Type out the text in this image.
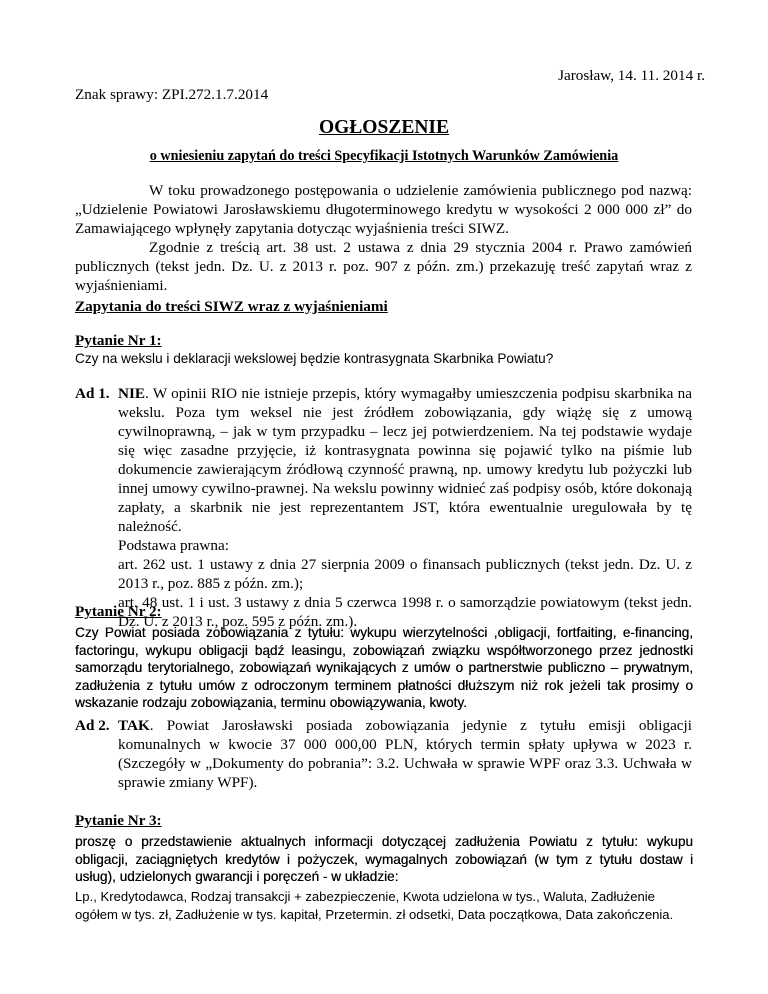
Jarosław, 14. 11. 2014 r.
Znak sprawy: ZPI.272.1.7.2014
OGŁOSZENIE
o wniesieniu zapytań do treści Specyfikacji Istotnych Warunków Zamówienia
W toku prowadzonego postępowania o udzielenie zamówienia publicznego pod nazwą: „Udzielenie Powiatowi Jarosławskiemu długoterminowego kredytu w wysokości 2 000 000 zł” do Zamawiającego wpłynęły zapytania dotycząc wyjaśnienia treści SIWZ.
Zgodnie z treścią art. 38 ust. 2 ustawa z dnia 29 stycznia 2004 r. Prawo zamówień publicznych (tekst jedn. Dz. U. z 2013 r. poz. 907 z późn. zm.) przekazuję treść zapytań wraz z wyjaśnieniami.
Zapytania do treści SIWZ wraz z wyjaśnieniami
Pytanie Nr 1:
Czy na wekslu i deklaracji wekslowej będzie kontrasygnata Skarbnika Powiatu?
Ad 1. NIE. W opinii RIO nie istnieje przepis, który wymagałby umieszczenia podpisu skarbnika na wekslu. Poza tym weksel nie jest źródłem zobowiązania, gdy wiążę się z umową cywilnoprawną, – jak w tym przypadku – lecz jej potwierdzeniem. Na tej podstawie wydaje się więc zasadne przyjęcie, iż kontrasygnata powinna się pojawić tylko na piśmie lub dokumencie zawierającym źródłową czynność prawną, np. umowy kredytu lub pożyczki lub innej umowy cywilno-prawnej. Na wekslu powinny widnieć zaś podpisy osób, które dokonają zapłaty, a skarbnik nie jest reprezentantem JST, która ewentualnie uregulowała by tę należność.
Podstawa prawna:
art. 262 ust. 1 ustawy z dnia 27 sierpnia 2009 o finansach publicznych (tekst jedn. Dz. U. z 2013 r., poz. 885 z późn. zm.);
art. 48 ust. 1 i ust. 3 ustawy z dnia 5 czerwca 1998 r. o samorządzie powiatowym (tekst jedn. Dz. U. z 2013 r., poz. 595 z późn. zm.).
Pytanie Nr 2:
Czy Powiat posiada zobowiązania z tytułu: wykupu wierzytelności ,obligacji, fortfaiting, e-financing, factoringu, wykupu obligacji bądź leasingu, zobowiązań związku współtworzonego przez jednostki samorządu terytorialnego, zobowiązań wynikających z umów o partnerstwie publiczno – prywatnym, zadłużenia z tytułu umów z odroczonym terminem płatności dłuższym niż rok jeżeli tak prosimy o wskazanie rodzaju zobowiązania, terminu obowiązywania, kwoty.
Ad 2. TAK. Powiat Jarosławski posiada zobowiązania jedynie z tytułu emisji obligacji komunalnych w kwocie 37 000 000,00 PLN, których termin spłaty upływa w 2023 r. (Szczegóły w „Dokumenty do pobrania”: 3.2. Uchwała w sprawie WPF oraz 3.3. Uchwała w sprawie zmiany WPF).
Pytanie Nr 3:
proszę o przedstawienie aktualnych informacji dotyczącej zadłużenia Powiatu z tytułu: wykupu obligacji, zaciągniętych kredytów i pożyczek, wymagalnych zobowiązań (w tym z tytułu dostaw i usług), udzielonych gwarancji i poręczeń - w układzie:
Lp., Kredytodawca, Rodzaj transakcji + zabezpieczenie, Kwota udzielona w tys., Waluta, Zadłużenie ogółem w tys. zł, Zadłużenie w tys. kapitał, Przetermin. zł odsetki, Data początkowa, Data zakończenia.
